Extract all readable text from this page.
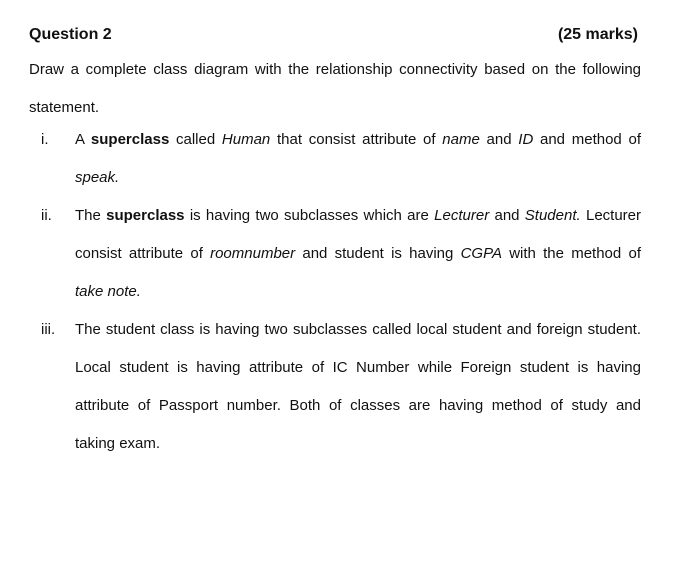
Question 2	(25 marks)
Draw a complete class diagram with the relationship connectivity based on the following
statement.
i. A superclass called Human that consist attribute of name and ID and method of
speak.
ii. The superclass is having two subclasses which are Lecturer and Student. Lecturer
consist attribute of roomnumber and student is having CGPA with the method of
take note.
iii. The student class is having two subclasses called local student and foreign student.
Local student is having attribute of IC Number while Foreign student is having
attribute of Passport number. Both of classes are having method of study and
taking exam.
